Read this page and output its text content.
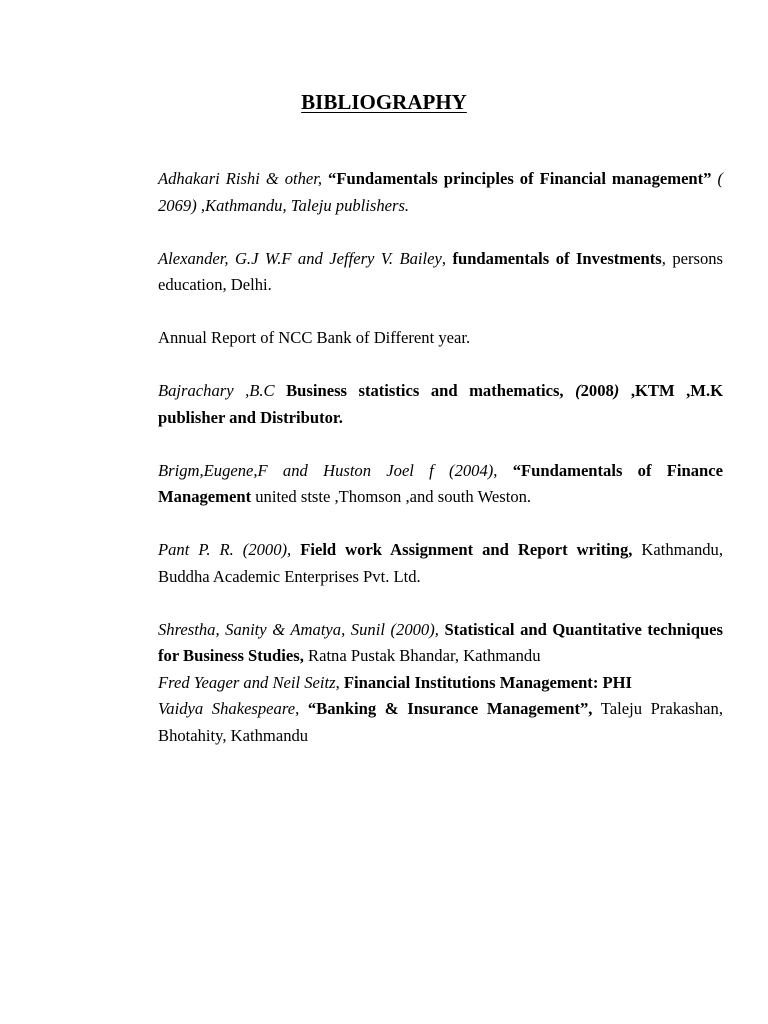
BIBLIOGRAPHY

Adhakari Rishi & other, “Fundamentals principles of Financial management” ( 2069) ,Kathmandu, Taleju publishers.

Alexander, G.J W.F and Jeffery V. Bailey, fundamentals of Investments, persons education, Delhi.

Annual Report of NCC Bank of Different year.

Bajrachary ,B.C Business statistics and mathematics, (2008) ,KTM ,M.K publisher and Distributor.

Brigm,Eugene,F and Huston Joel f (2004), “Fundamentals of Finance Management united stste ,Thomson ,and south Weston.

Pant P. R. (2000), Field work Assignment and Report writing, Kathmandu, Buddha Academic Enterprises Pvt. Ltd.

Shrestha, Sanity & Amatya, Sunil (2000), Statistical and Quantitative techniques for Business Studies, Ratna Pustak Bhandar, Kathmandu

Fred Yeager and Neil Seitz, Financial Institutions Management: PHI

Vaidya Shakespeare, “Banking & Insurance Management”, Taleju Prakashan, Bhotahity, Kathmandu
